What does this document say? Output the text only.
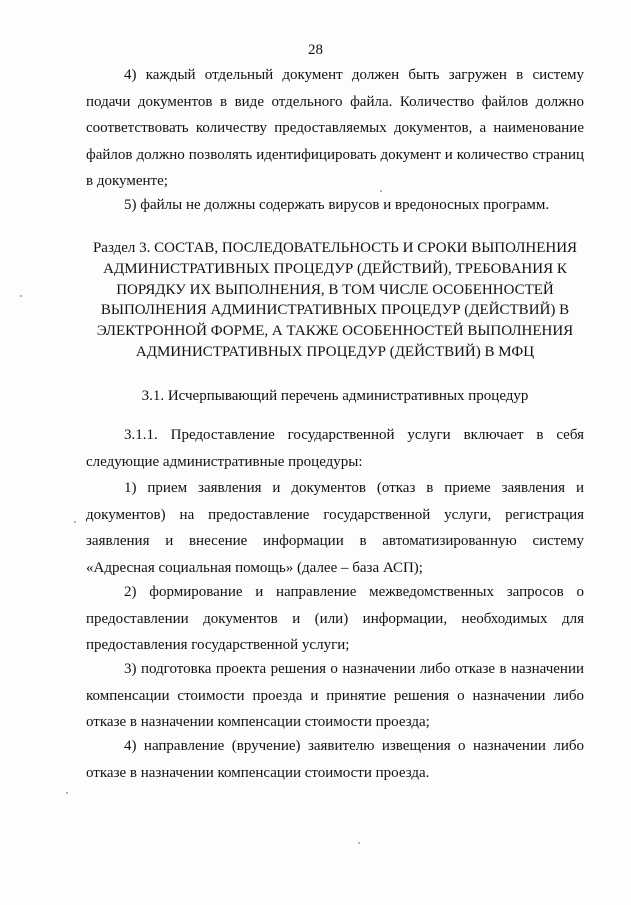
28

4) каждый отдельный документ должен быть загружен в систему подачи документов в виде отдельного файла. Количество файлов должно соответствовать количеству предоставляемых документов, а наименование файлов должно позволять идентифицировать документ и количество страниц в документе;

5) файлы не должны содержать вирусов и вредоносных программ.

Раздел 3. СОСТАВ, ПОСЛЕДОВАТЕЛЬНОСТЬ И СРОКИ ВЫПОЛНЕНИЯ АДМИНИСТРАТИВНЫХ ПРОЦЕДУР (ДЕЙСТВИЙ), ТРЕБОВАНИЯ К ПОРЯДКУ ИХ ВЫПОЛНЕНИЯ, В ТОМ ЧИСЛЕ ОСОБЕННОСТЕЙ ВЫПОЛНЕНИЯ АДМИНИСТРАТИВНЫХ ПРОЦЕДУР (ДЕЙСТВИЙ) В ЭЛЕКТРОННОЙ ФОРМЕ, А ТАКЖЕ ОСОБЕННОСТЕЙ ВЫПОЛНЕНИЯ АДМИНИСТРАТИВНЫХ ПРОЦЕДУР (ДЕЙСТВИЙ) В МФЦ

3.1. Исчерпывающий перечень административных процедур

3.1.1. Предоставление государственной услуги включает в себя следующие административные процедуры:

1) прием заявления и документов (отказ в приеме заявления и документов) на предоставление государственной услуги, регистрация заявления и внесение информации в автоматизированную систему «Адресная социальная помощь» (далее – база АСП);

2) формирование и направление межведомственных запросов о предоставлении документов и (или) информации, необходимых для предоставления государственной услуги;

3) подготовка проекта решения о назначении либо отказе в назначении компенсации стоимости проезда и принятие решения о назначении либо отказе в назначении компенсации стоимости проезда;

4) направление (вручение) заявителю извещения о назначении либо отказе в назначении компенсации стоимости проезда.
